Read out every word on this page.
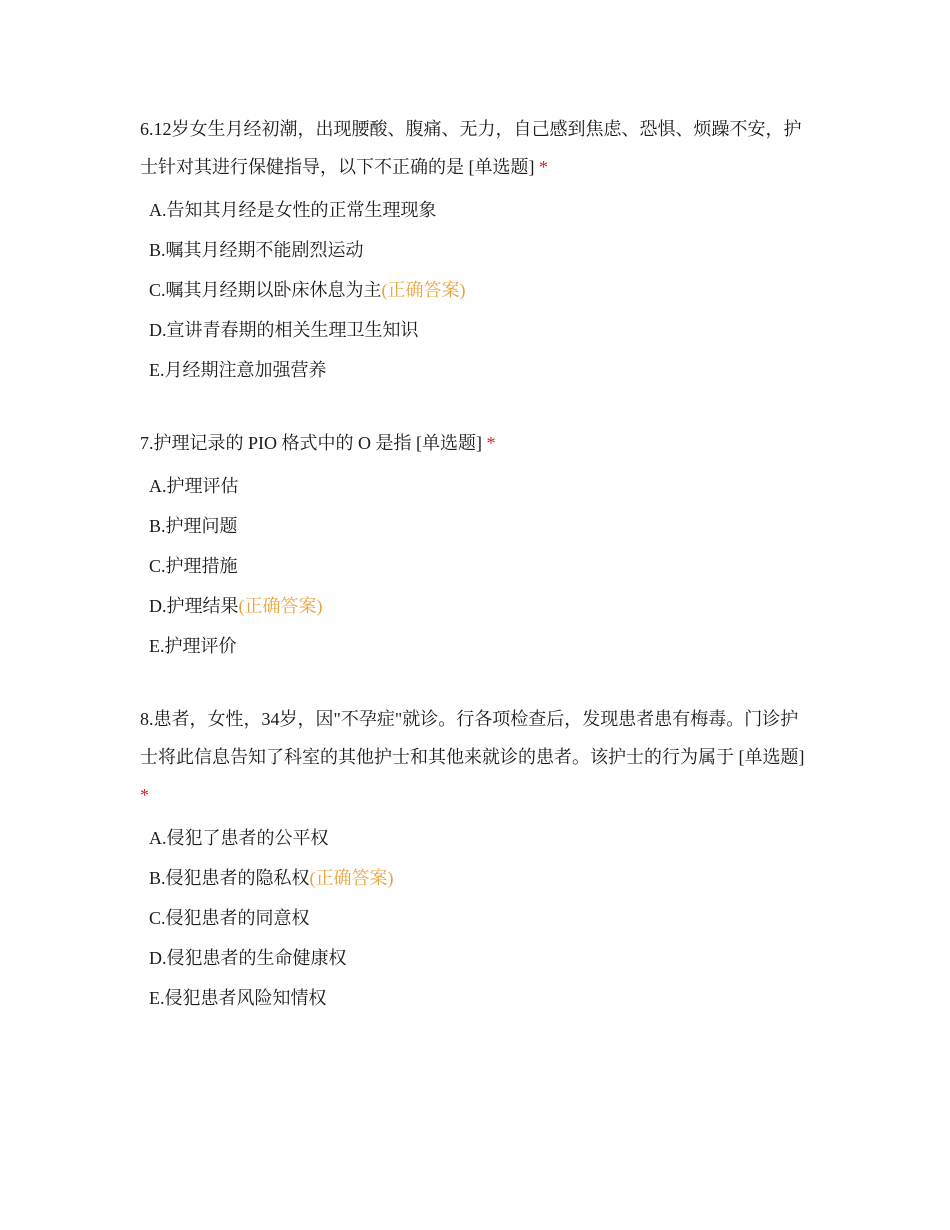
6.12岁女生月经初潮，出现腰酸、腹痛、无力，自己感到焦虑、恐惧、烦躁不安，护士针对其进行保健指导，以下不正确的是 [单选题] *

A.告知其月经是女性的正常生理现象
B.嘱其月经期不能剧烈运动
C.嘱其月经期以卧床休息为主(正确答案)
D.宣讲青春期的相关生理卫生知识
E.月经期注意加强营养

7.护理记录的 PIO 格式中的 O 是指 [单选题] *

A.护理评估
B.护理问题
C.护理措施
D.护理结果(正确答案)
E.护理评价

8.患者，女性，34岁，因"不孕症"就诊。行各项检查后，发现患者患有梅毒。门诊护士将此信息告知了科室的其他护士和其他来就诊的患者。该护士的行为属于 [单选题] *

A.侵犯了患者的公平权
B.侵犯患者的隐私权(正确答案)
C.侵犯患者的同意权
D.侵犯患者的生命健康权
E.侵犯患者风险知情权
